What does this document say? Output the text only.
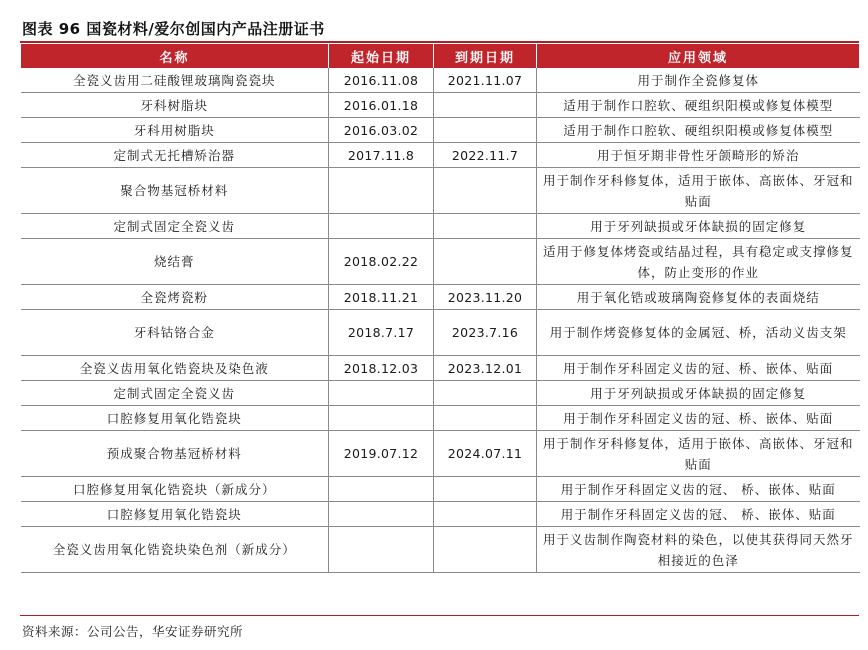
图表 96 国瓷材料/爱尔创国内产品注册证书
名称	起始日期	到期日期	应用领域
全瓷义齿用二硅酸锂玻璃陶瓷瓷块	2016.11.08	2021.11.07	用于制作全瓷修复体
牙科树脂块	2016.01.18		适用于制作口腔软、硬组织阳模或修复体模型
牙科用树脂块	2016.03.02		适用于制作口腔软、硬组织阳模或修复体模型
定制式无托槽矫治器	2017.11.8	2022.11.7	用于恒牙期非骨性牙颌畸形的矫治
聚合物基冠桥材料			用于制作牙科修复体，适用于嵌体、高嵌体、牙冠和贴面
定制式固定全瓷义齿			用于牙列缺损或牙体缺损的固定修复
烧结膏	2018.02.22		适用于修复体烤瓷或结晶过程，具有稳定或支撑修复体，防止变形的作业
全瓷烤瓷粉	2018.11.21	2023.11.20	用于氧化锆或玻璃陶瓷修复体的表面烧结
牙科钴铬合金	2018.7.17	2023.7.16	用于制作烤瓷修复体的金属冠、桥，活动义齿支架
全瓷义齿用氧化锆瓷块及染色液	2018.12.03	2023.12.01	用于制作牙科固定义齿的冠、桥、嵌体、贴面
定制式固定全瓷义齿			用于牙列缺损或牙体缺损的固定修复
口腔修复用氧化锆瓷块			用于制作牙科固定义齿的冠、桥、嵌体、贴面
预成聚合物基冠桥材料	2019.07.12	2024.07.11	用于制作牙科修复体，适用于嵌体、高嵌体、牙冠和贴面
口腔修复用氧化锆瓷块（新成分）			用于制作牙科固定义齿的冠、 桥、嵌体、贴面
口腔修复用氧化锆瓷块			用于制作牙科固定义齿的冠、 桥、嵌体、贴面
全瓷义齿用氧化锆瓷块染色剂（新成分）			用于义齿制作陶瓷材料的染色，以使其获得同天然牙相接近的色泽
资料来源：公司公告，华安证券研究所
